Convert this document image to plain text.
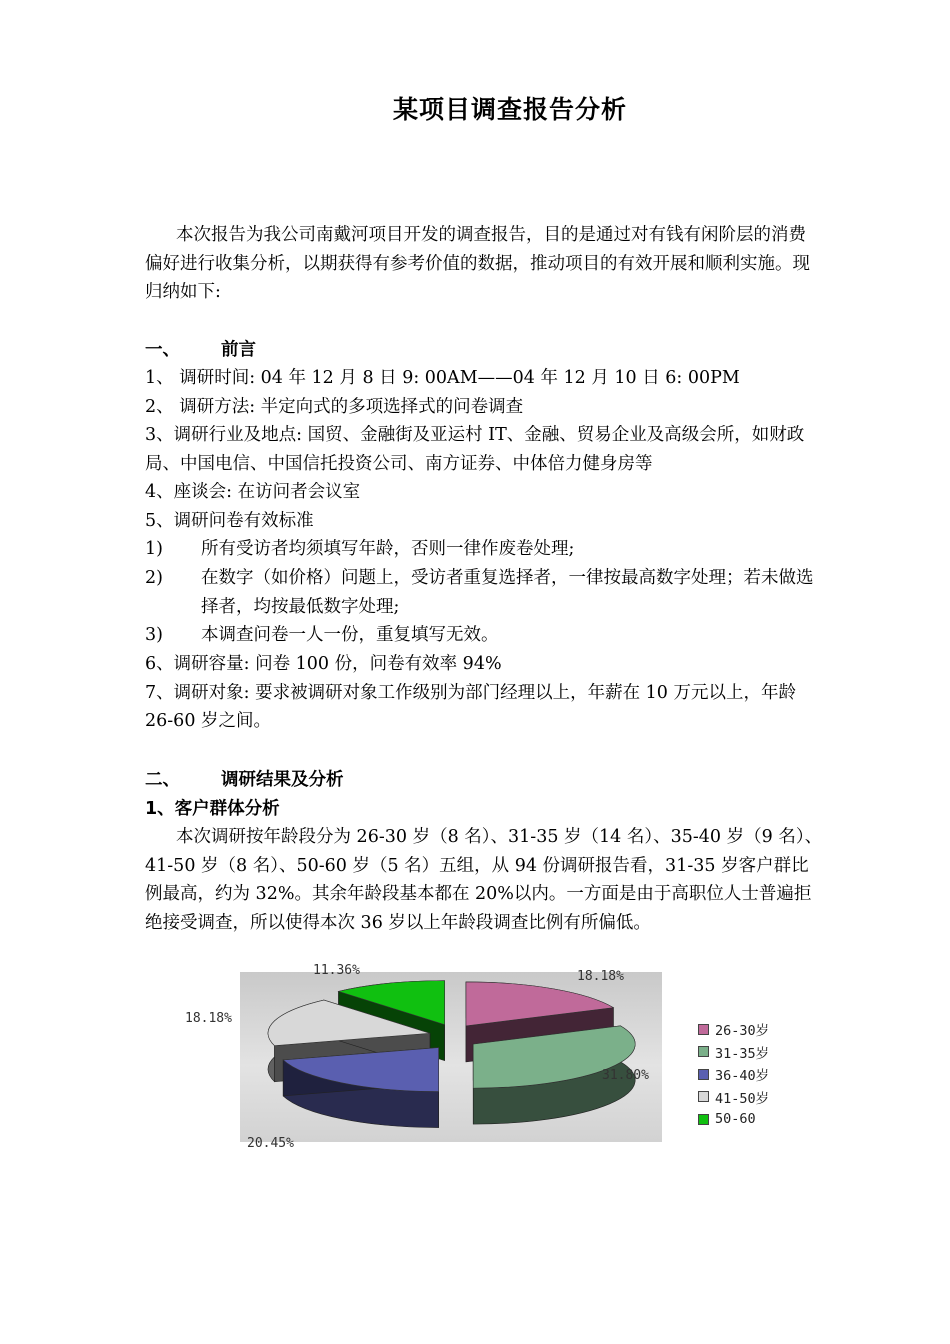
某项目调查报告分析
本次报告为我公司南戴河项目开发的调查报告，目的是通过对有钱有闲阶层的消费
偏好进行收集分析，以期获得有参考价值的数据，推动项目的有效开展和顺利实施。现
归纳如下:
一、 前言
1、 调研时间: 04 年 12 月 8 日 9: 00AM——04 年 12 月 10 日 6: 00PM
2、 调研方法: 半定向式的多项选择式的问卷调查
3、调研行业及地点: 国贸、金融街及亚运村 IT、金融、贸易企业及高级会所，如财政
局、中国电信、中国信托投资公司、南方证券、中体倍力健身房等
4、座谈会: 在访问者会议室
5、调研问卷有效标准
1) 所有受访者均须填写年龄，否则一律作废卷处理;
2) 在数字（如价格）问题上，受访者重复选择者，一律按最高数字处理；若未做选
择者，均按最低数字处理;
3) 本调查问卷一人一份，重复填写无效。
6、调研容量: 问卷 100 份，问卷有效率 94%
7、调研对象: 要求被调研对象工作级别为部门经理以上，年薪在 10 万元以上，年龄
26-60 岁之间。
二、 调研结果及分析
1、客户群体分析
本次调研按年龄段分为 26-30 岁（8 名）、31-35 岁（14 名）、35-40 岁（9 名）、
41-50 岁（8 名）、50-60 岁（5 名）五组，从 94 份调研报告看，31-35 岁客户群比
例最高，约为 32%。其余年龄段基本都在 20%以内。一方面是由于高职位人士普遍拒
绝接受调查，所以使得本次 36 岁以上年龄段调查比例有所偏低。
11.36%	18.18%
18.18%
31.80%
20.45%
26-30岁
31-35岁
36-40岁
41-50岁
50-60
